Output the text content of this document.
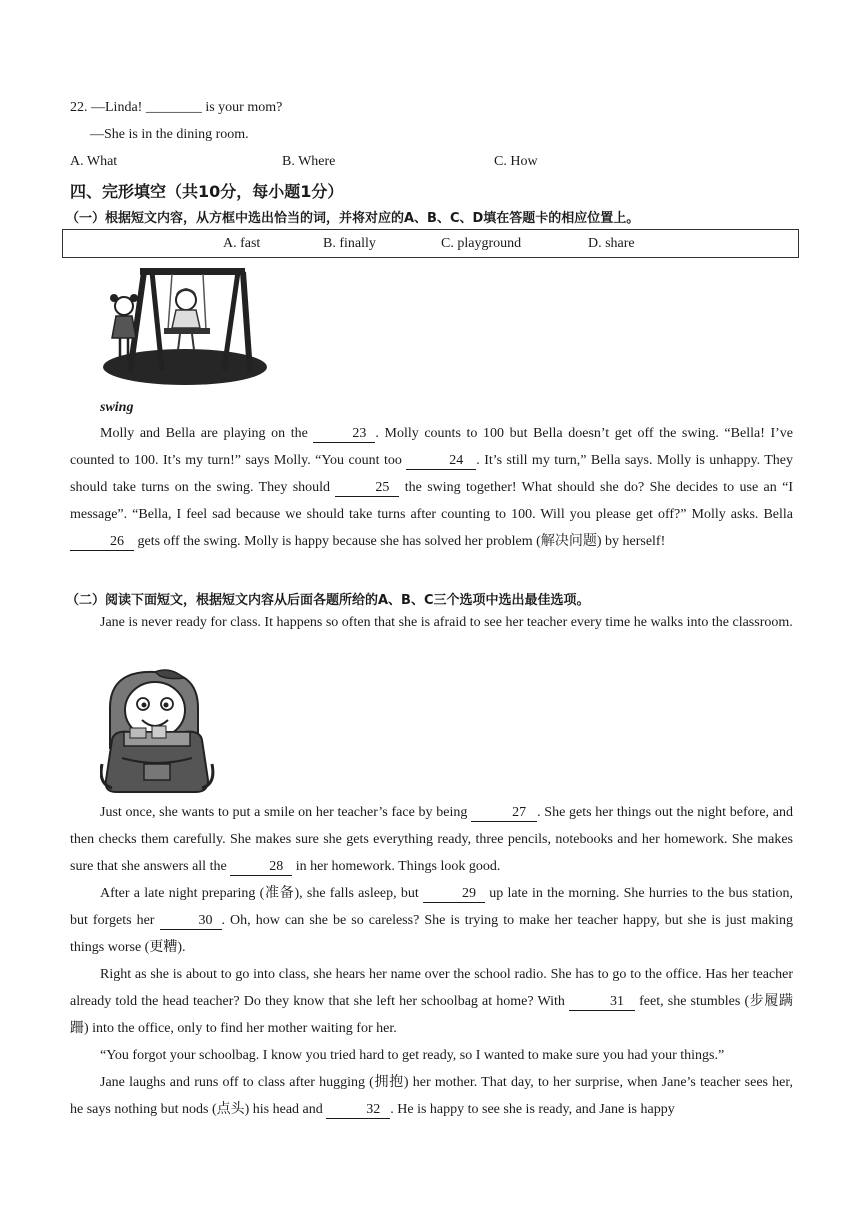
22. —Linda! ________ is your mom?
—She is in the dining room.
A. What	B. Where	C. How
四、完形填空（共10分，每小题1分）
（一）根据短文内容，从方框中选出恰当的词，并将对应的A、B、C、D填在答题卡的相应位置上。
A. fast	B. finally	C. playground	D. share
swing
Molly and Bella are playing on the	23 . Molly counts to 100 but Bella doesn’t get off the swing. “Bella! I’ve counted to 100. It’s my turn!” says Molly. “You count too	24 . It’s still my turn,” Bella says. Molly is unhappy. They should take turns on the swing. They should	25 the swing together! What should she do? She decides to use an “I message”. “Bella, I feel sad because we should take turns after counting to 100. Will you please get off?” Molly asks. Bella 26 gets off the swing. Molly is happy because she has solved her problem (解决问题) by herself!
（二）阅读下面短文，根据短文内容从后面各题所给的A、B、C三个选项中选出最佳选项。
Jane is never ready for class. It happens so often that she is afraid to see her teacher every time he walks into the classroom.
Just once, she wants to put a smile on her teacher’s face by being	27 . She gets her things out the night before, and then checks them carefully. She makes sure she gets everything ready, three pencils, notebooks and her homework. She makes sure that she answers all the	28 in her homework. Things look good.
After a late night preparing (准备), she falls asleep, but	29 up late in the morning. She hurries to the bus station, but forgets her	30 . Oh, how can she be so careless? She is trying to make her teacher happy, but she is just making things worse (更糟).
Right as she is about to go into class, she hears her name over the school radio. She has to go to the office. Has her teacher already told the head teacher? Do they know that she left her schoolbag at home? With	31 feet, she stumbles (步履蹒跚) into the office, only to find her mother waiting for her.
“You forgot your schoolbag. I know you tried hard to get ready, so I wanted to make sure you had your things.”
Jane laughs and runs off to class after hugging (拥抱) her mother. That day, to her surprise, when Jane’s teacher sees her, he says nothing but nods (点头) his head and	32 . He is happy to see she is ready, and Jane is happy
